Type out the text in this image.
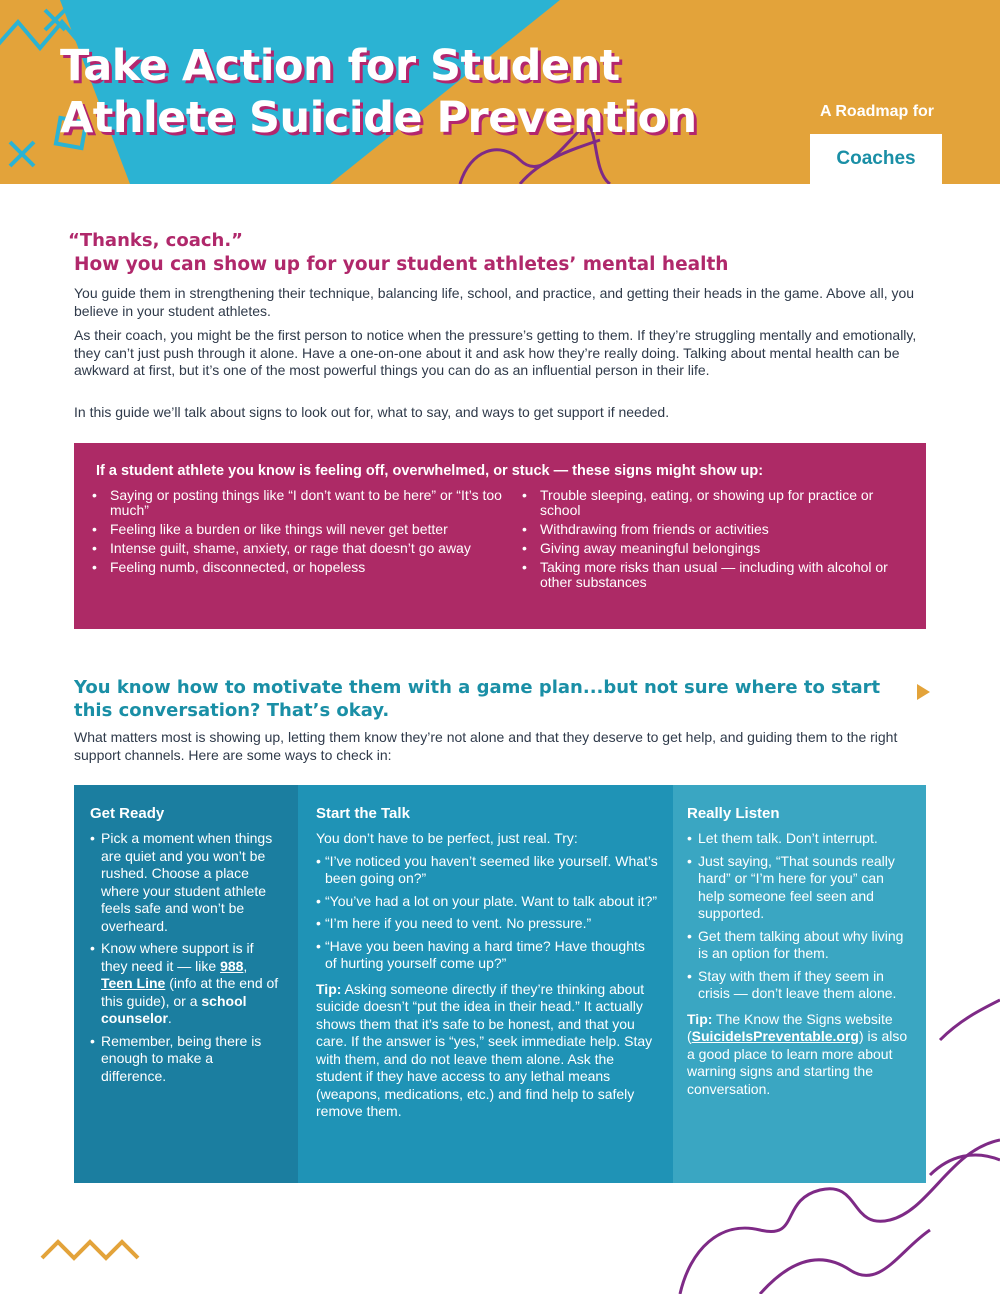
Take Action for Student
Athlete Suicide Prevention	A Roadmap for
Coaches
“Thanks, coach.”
How you can show up for your student athletes’ mental health

You guide them in strengthening their technique, balancing life, school, and practice, and getting their heads in the game. Above all, you believe in your student athletes.

As their coach, you might be the first person to notice when the pressure’s getting to them. If they’re struggling mentally and emotionally, they can’t just push through it alone. Have a one-on-one about it and ask how they’re really doing. Talking about mental health can be awkward at first, but it’s one of the most powerful things you can do as an influential person in their life.

In this guide we’ll talk about signs to look out for, what to say, and ways to get support if needed.

If a student athlete you know is feeling off, overwhelmed, or stuck — these signs might show up:
• Saying or posting things like “I don’t want to be here” or “It’s too much”
• Feeling like a burden or like things will never get better
• Intense guilt, shame, anxiety, or rage that doesn’t go away
• Feeling numb, disconnected, or hopeless
• Trouble sleeping, eating, or showing up for practice or school
• Withdrawing from friends or activities
• Giving away meaningful belongings
• Taking more risks than usual — including with alcohol or other substances
You know how to motivate them with a game plan...but not sure where to start this conversation? That’s okay.

What matters most is showing up, letting them know they’re not alone and that they deserve to get help, and guiding them to the right support channels. Here are some ways to check in:

Get Ready
• Pick a moment when things are quiet and you won’t be rushed. Choose a place where your student athlete feels safe and won’t be overheard.
• Know where support is if they need it — like 988, Teen Line (info at the end of this guide), or a school counselor.
• Remember, being there is enough to make a difference.
Start the Talk

You don’t have to be perfect, just real. Try:

• “I’ve noticed you haven’t seemed like yourself. What’s been going on?”
• “You’ve had a lot on your plate. Want to talk about it?”
• “I’m here if you need to vent. No pressure.”
• “Have you been having a hard time? Have thoughts of hurting yourself come up?”

Tip: Asking someone directly if they’re thinking about suicide doesn’t “put the idea in their head.” It actually shows them that it’s safe to be honest, and that you care. If the answer is “yes,” seek immediate help. Stay with them, and do not leave them alone. Ask the student if they have access to any lethal means (weapons, medications, etc.) and find help to safely remove them.

Really Listen
• Let them talk. Don’t interrupt.
• Just saying, “That sounds really hard” or “I’m here for you” can help someone feel seen and supported.
• Get them talking about why living is an option for them.
• Stay with them if they seem in crisis — don’t leave them alone.

Tip: The Know the Signs website (SuicideIsPreventable.org) is also a good place to learn more about warning signs and starting the conversation.
